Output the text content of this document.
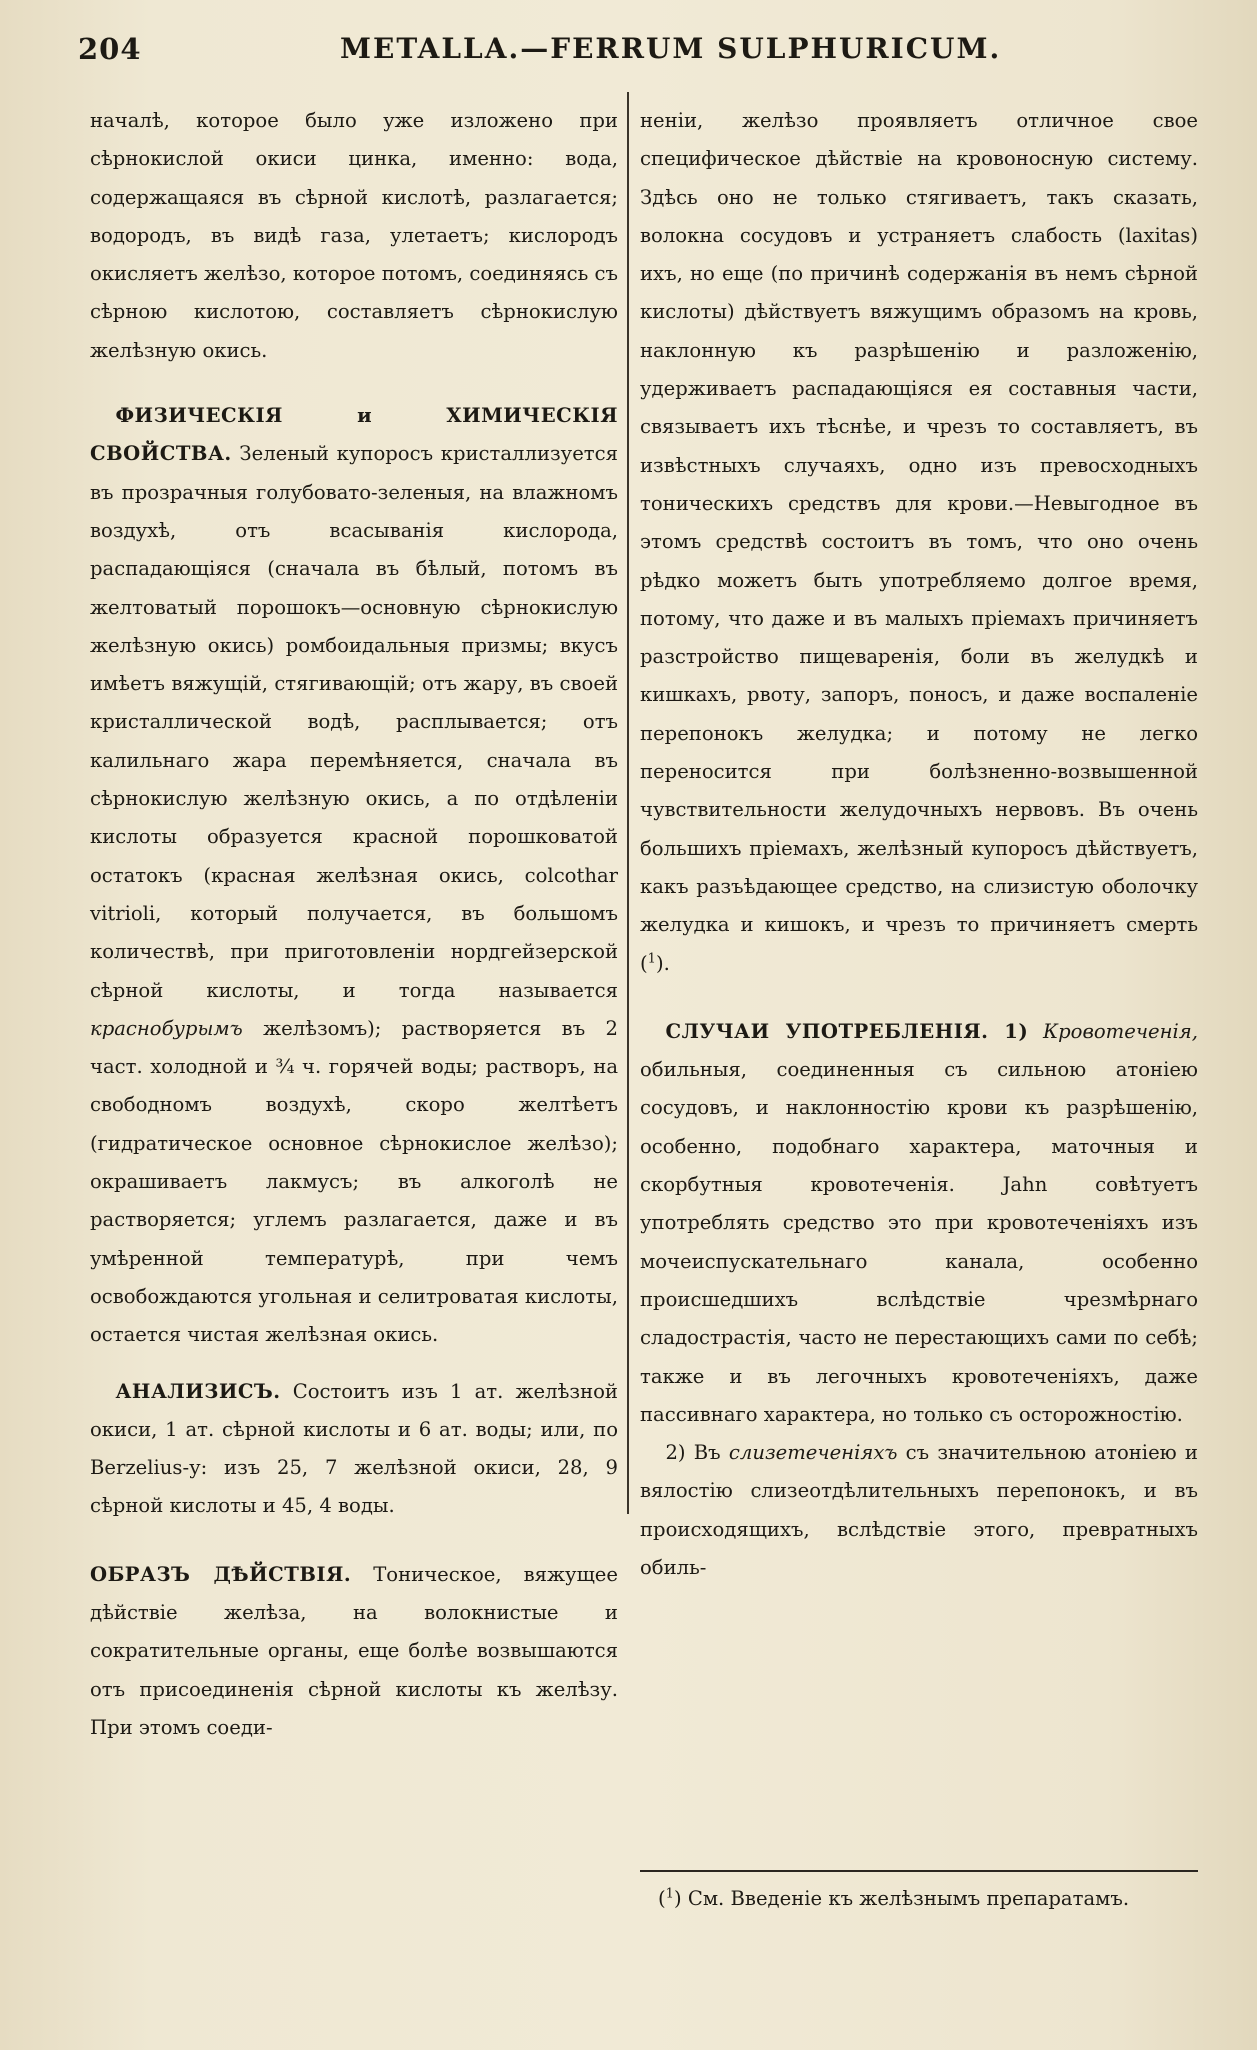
204	METALLA.—FERRUM SULPHURICUM.

началѣ, которое было уже изложено при сѣрнокислой окиси цинка, именно: вода, содержащаяся въ сѣрной кислотѣ, разлагается; водородъ, въ видѣ газа, улетаетъ; кислородъ окисляетъ желѣзо, которое потомъ, соединяясь съ сѣрною кислотою, составляетъ сѣрнокислую желѣзную окись.

ФИЗИЧЕСКІЯ и ХИМИЧЕСКІЯ СВОЙСТВА. Зеленый купоросъ кристаллизуется въ прозрачныя голубовато-зеленыя, на влажномъ воздухѣ, отъ всасыванія кислорода, распадающіяся (сначала въ бѣлый, потомъ въ желтоватый порошокъ—основную сѣрнокислую желѣзную окись) ромбоидальныя призмы; вкусъ имѣетъ вяжущій, стягивающій; отъ жару, въ своей кристаллической водѣ, расплывается; отъ калильнаго жара перемѣняется, сначала въ сѣрнокислую желѣзную окись, а по отдѣленіи кислоты образуется красной порошковатой остатокъ (красная желѣзная окись, colcothar vitrioli, который получается, въ большомъ количествѣ, при приготовленіи нордгейзерской сѣрной кислоты, и тогда называется краснобурымъ желѣзомъ); растворяется въ 2 част. холодной и ¾ ч. горячей воды; растворъ, на свободномъ воздухѣ, скоро желтѣетъ (гидратическое основное сѣрнокислое желѣзо); окрашиваетъ лакмусъ; въ алкоголѣ не растворяется; углемъ разлагается, даже и въ умѣренной температурѣ, при чемъ освобождаются угольная и селитроватая кислоты, остается чистая желѣзная окись.

АНАЛИЗИСЪ. Состоитъ изъ 1 ат. желѣзной окиси, 1 ат. сѣрной кислоты и 6 ат. воды; или, по Berzelius-у: изъ 25, 7 желѣзной окиси, 28, 9 сѣрной кислоты и 45, 4 воды.

ОБРАЗЪ ДѢЙСТВІЯ. Тоническое, вяжущее дѣйствіе желѣза, на волокнистые и сократительные органы, еще болѣе возвышаются отъ присоединенія сѣрной кислоты къ желѣзу. При этомъ соеди-

неніи, желѣзо проявляетъ отличное свое специфическое дѣйствіе на кровоносную систему. Здѣсь оно не только стягиваетъ, такъ сказать, волокна сосудовъ и устраняетъ слабость (laxitas) ихъ, но еще (по причинѣ содержанія въ немъ сѣрной кислоты) дѣйствуетъ вяжущимъ образомъ на кровь, наклонную къ разрѣшенію и разложенію, удерживаетъ распадающіяся ея составныя части, связываетъ ихъ тѣснѣе, и чрезъ то составляетъ, въ извѣстныхъ случаяхъ, одно изъ превосходныхъ тоническихъ средствъ для крови.—Невыгодное въ этомъ средствѣ состоитъ въ томъ, что оно очень рѣдко можетъ быть употребляемо долгое время, потому, что даже и въ малыхъ пріемахъ причиняетъ разстройство пищеваренія, боли въ желудкѣ и кишкахъ, рвоту, запоръ, поносъ, и даже воспаленіе перепонокъ желудка; и потому не легко переносится при болѣзненно-возвышенной чувствительности желудочныхъ нервовъ. Въ очень большихъ пріемахъ, желѣзный купоросъ дѣйствуетъ, какъ разъѣдающее средство, на слизистую оболочку желудка и кишокъ, и чрезъ то причиняетъ смерть ($^1$).

СЛУЧАИ УПОТРЕБЛЕНІЯ. 1) Кровотеченія, обильныя, соединенныя съ сильною атоніею сосудовъ, и наклонностію крови къ разрѣшенію, особенно, подобнаго характера, маточныя и скорбутныя кровотеченія. Jahn совѣтуетъ употреблять средство это при кровотеченіяхъ изъ мочеиспускательнаго канала, особенно происшедшихъ вслѣдствіе чрезмѣрнаго сладострастія, часто не перестающихъ сами по себѣ; также и въ легочныхъ кровотеченіяхъ, даже пассивнаго характера, но только съ осторожностію.

2) Въ слизетеченіяхъ съ значительною атоніею и вялостію слизеотдѣлительныхъ перепонокъ, и въ происходящихъ, вслѣдствіе этого, превратныхъ обиль-

($^1$) См. Введеніе къ желѣзнымъ препаратамъ.
